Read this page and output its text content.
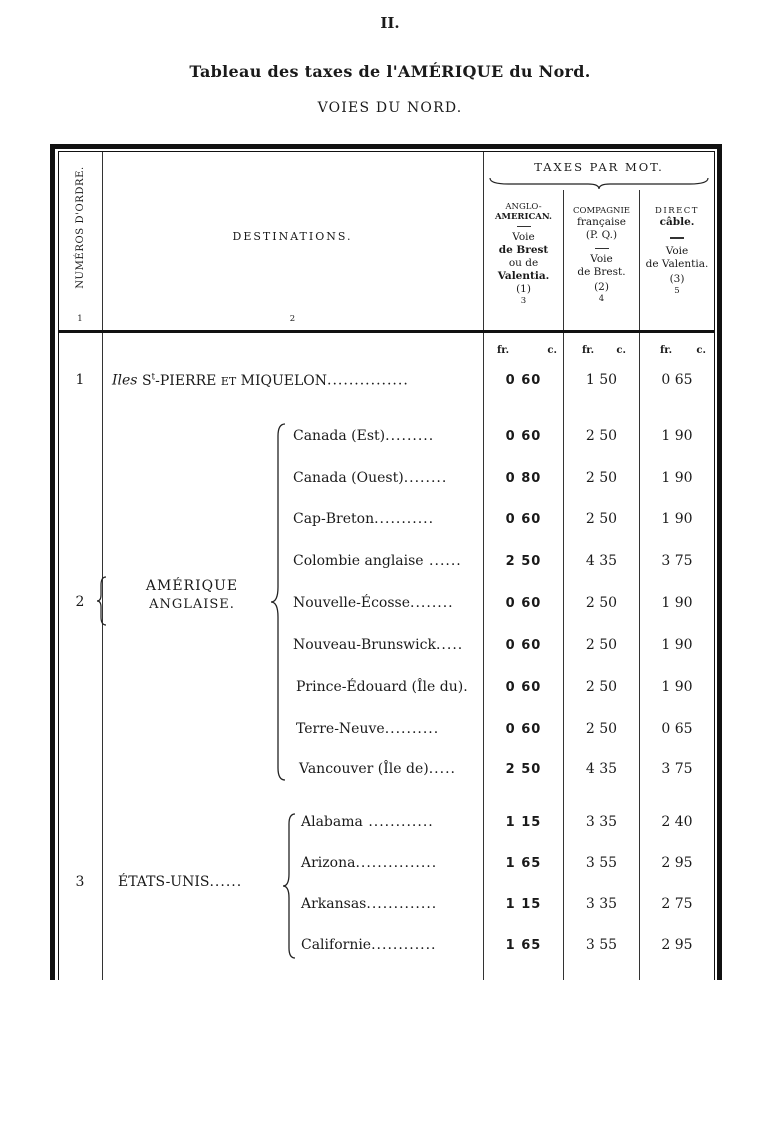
II.
Tableau des taxes de l'AMÉRIQUE du Nord.
VOIES DU NORD.
NUMÉROS D'ORDRE.
1
DESTINATIONS.
2
TAXES PAR MOT.
ANGLO-
AMERICAN.
Voie
de Brest
ou de
Valentia.
(1)
3
COMPAGNIE
française
(P. Q.)
Voie
de Brest.
(2)
4
DIRECT
câble.
Voie
de Valentia.
(3)
5
fr.	c.	fr. c.	fr. c.
1	Iles $S^t$-PIERRE ET MIQUELON...............	0 60	1 50	0 65
2
AMÉRIQUE
ANGLAISE.
Canada (Est).........	0 60	2 50	1 90
Canada (Ouest)........	0 80	2 50	1 90
Cap-Breton...........	0 60	2 50	1 90
Colombie anglaise ......	2 50	4 35	3 75
Nouvelle-Écosse........	0 60	2 50	1 90
Nouveau-Brunswick.....	0 60	2 50	1 90
Prince-Édouard (Île du).	0 60	2 50	1 90
Terre-Neuve..........	0 60	2 50	0 65
Vancouver (Île de).....	2 50	4 35	3 75
3	ÉTATS-UNIS......
Alabama ............	1 15	3 35	2 40
Arizona...............	1 65	3 55	2 95
Arkansas.............	1 15	3 35	2 75
Californie............	1 65	3 55	2 95
